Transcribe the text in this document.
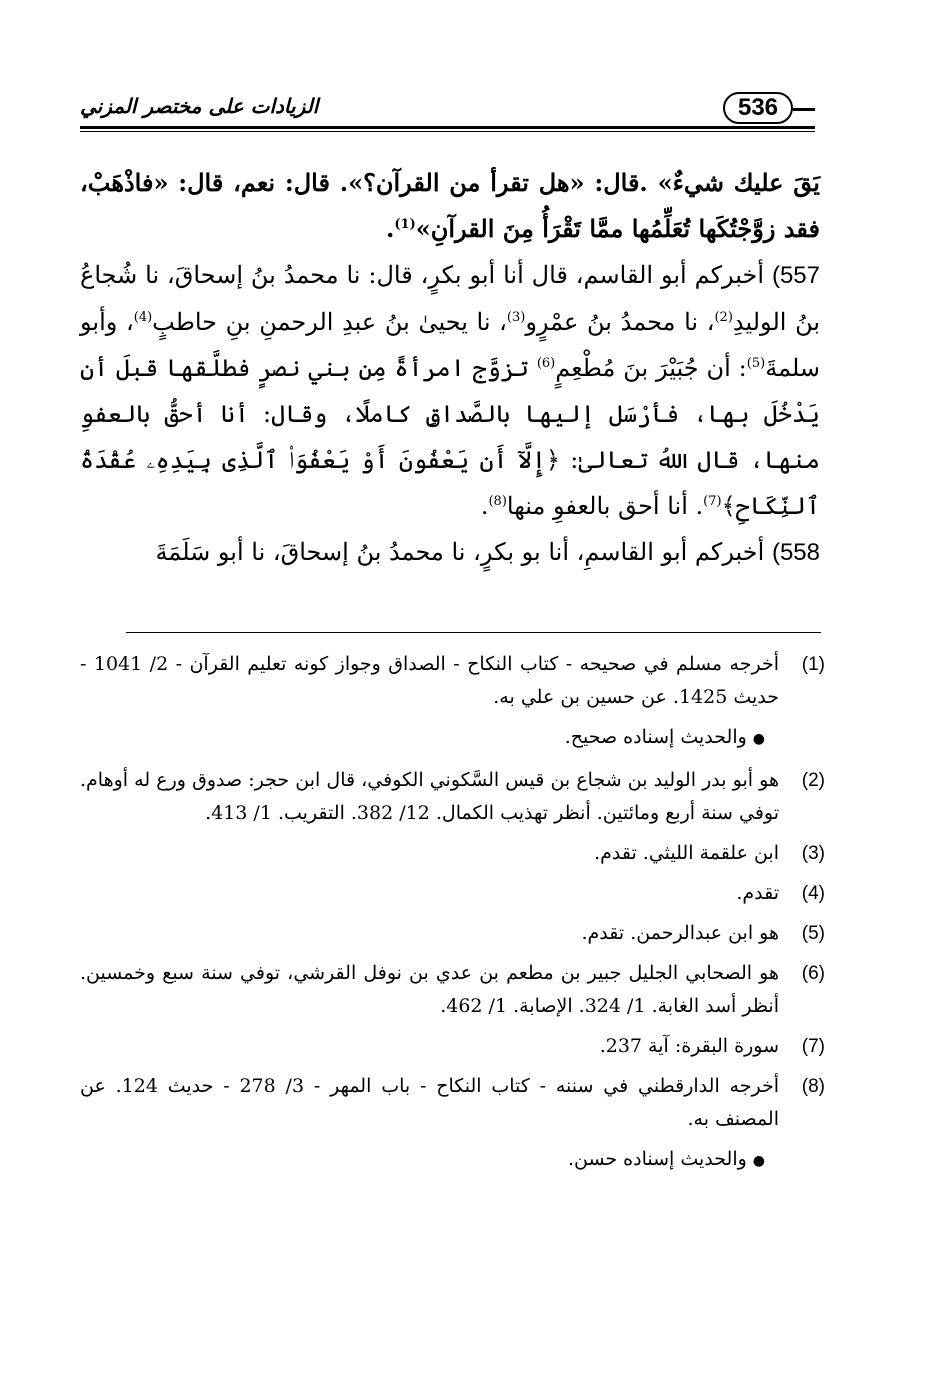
الزيادات على مختصر المزني	536

يَقَ عليك شيءٌ» .قال: «هل تقرأ من القرآن؟». قال: نعم، قال: «فاذْهَبْ، فقد زوَّجْتُكَها تُعَلِّمُها ممَّا تَقْرَأُ مِنَ القرآنِ»$^{(1)}$.

557) أخبركم أبو القاسم، قال أنا أبو بكرٍ، قال: نا محمدُ بنُ إسحاقَ، نا شُجاعُ بنُ الوليدِ$^{(2)}$، نا محمدُ بنُ عمْرٍو$^{(3)}$، نا يحيىٰ بنُ عبدِ الرحمنِ بنِ حاطبٍ$^{(4)}$، وأبو سلمةَ$^{(5)}$: أن جُبَيْرَ بنَ مُطْعِمٍ$^{(6)}$ تزوَّج امرأةً مِن بني نصرٍ فطلَّقها قبلَ أن يَدْخُلَ بها، فأرْسَل إليها بالصَّداقِ كاملًا، وقال: أنا أحقُّ بالعفوِ منها، قال اللهُ تعالىٰ: ﴿إِلَّآ أَن يَعْفُونَ أَوْ يَعْفُوَا۟ ٱلَّذِى بِيَدِهِۦ عُقْدَةُ ٱلنِّكَاحِ﴾$^{(7)}$. أنا أحق بالعفوِ منها$^{(8)}$.

558) أخبركم أبو القاسمِ، أنا بو بكرٍ، نا محمدُ بنُ إسحاقَ، نا أبو سَلَمَةَ

(1)
أخرجه مسلم في صحيحه - كتاب النكاح - الصداق وجواز كونه تعليم القرآن - 2/ 1041 - حديث 1425. عن حسين بن علي به.
●والحديث إسناده صحيح.
(2)
هو أبو بدر الوليد بن شجاع بن قيس السَّكوني الكوفي، قال ابن حجر: صدوق ورع له أوهام. توفي سنة أربع ومائتين. أنظر تهذيب الكمال. 12/ 382. التقريب. 1/ 413.
(3)
ابن علقمة الليثي. تقدم.
(4)
تقدم.
(5)
هو ابن عبدالرحمن. تقدم.
(6)
هو الصحابي الجليل جبير بن مطعم بن عدي بن نوفل القرشي، توفي سنة سبع وخمسين. أنظر أسد الغابة. 1/ 324. الإصابة. 1/ 462.
(7)
سورة البقرة: آية 237.
(8)
أخرجه الدارقطني في سننه - كتاب النكاح - باب المهر - 3/ 278 - حديث 124. عن المصنف به.
●والحديث إسناده حسن.
